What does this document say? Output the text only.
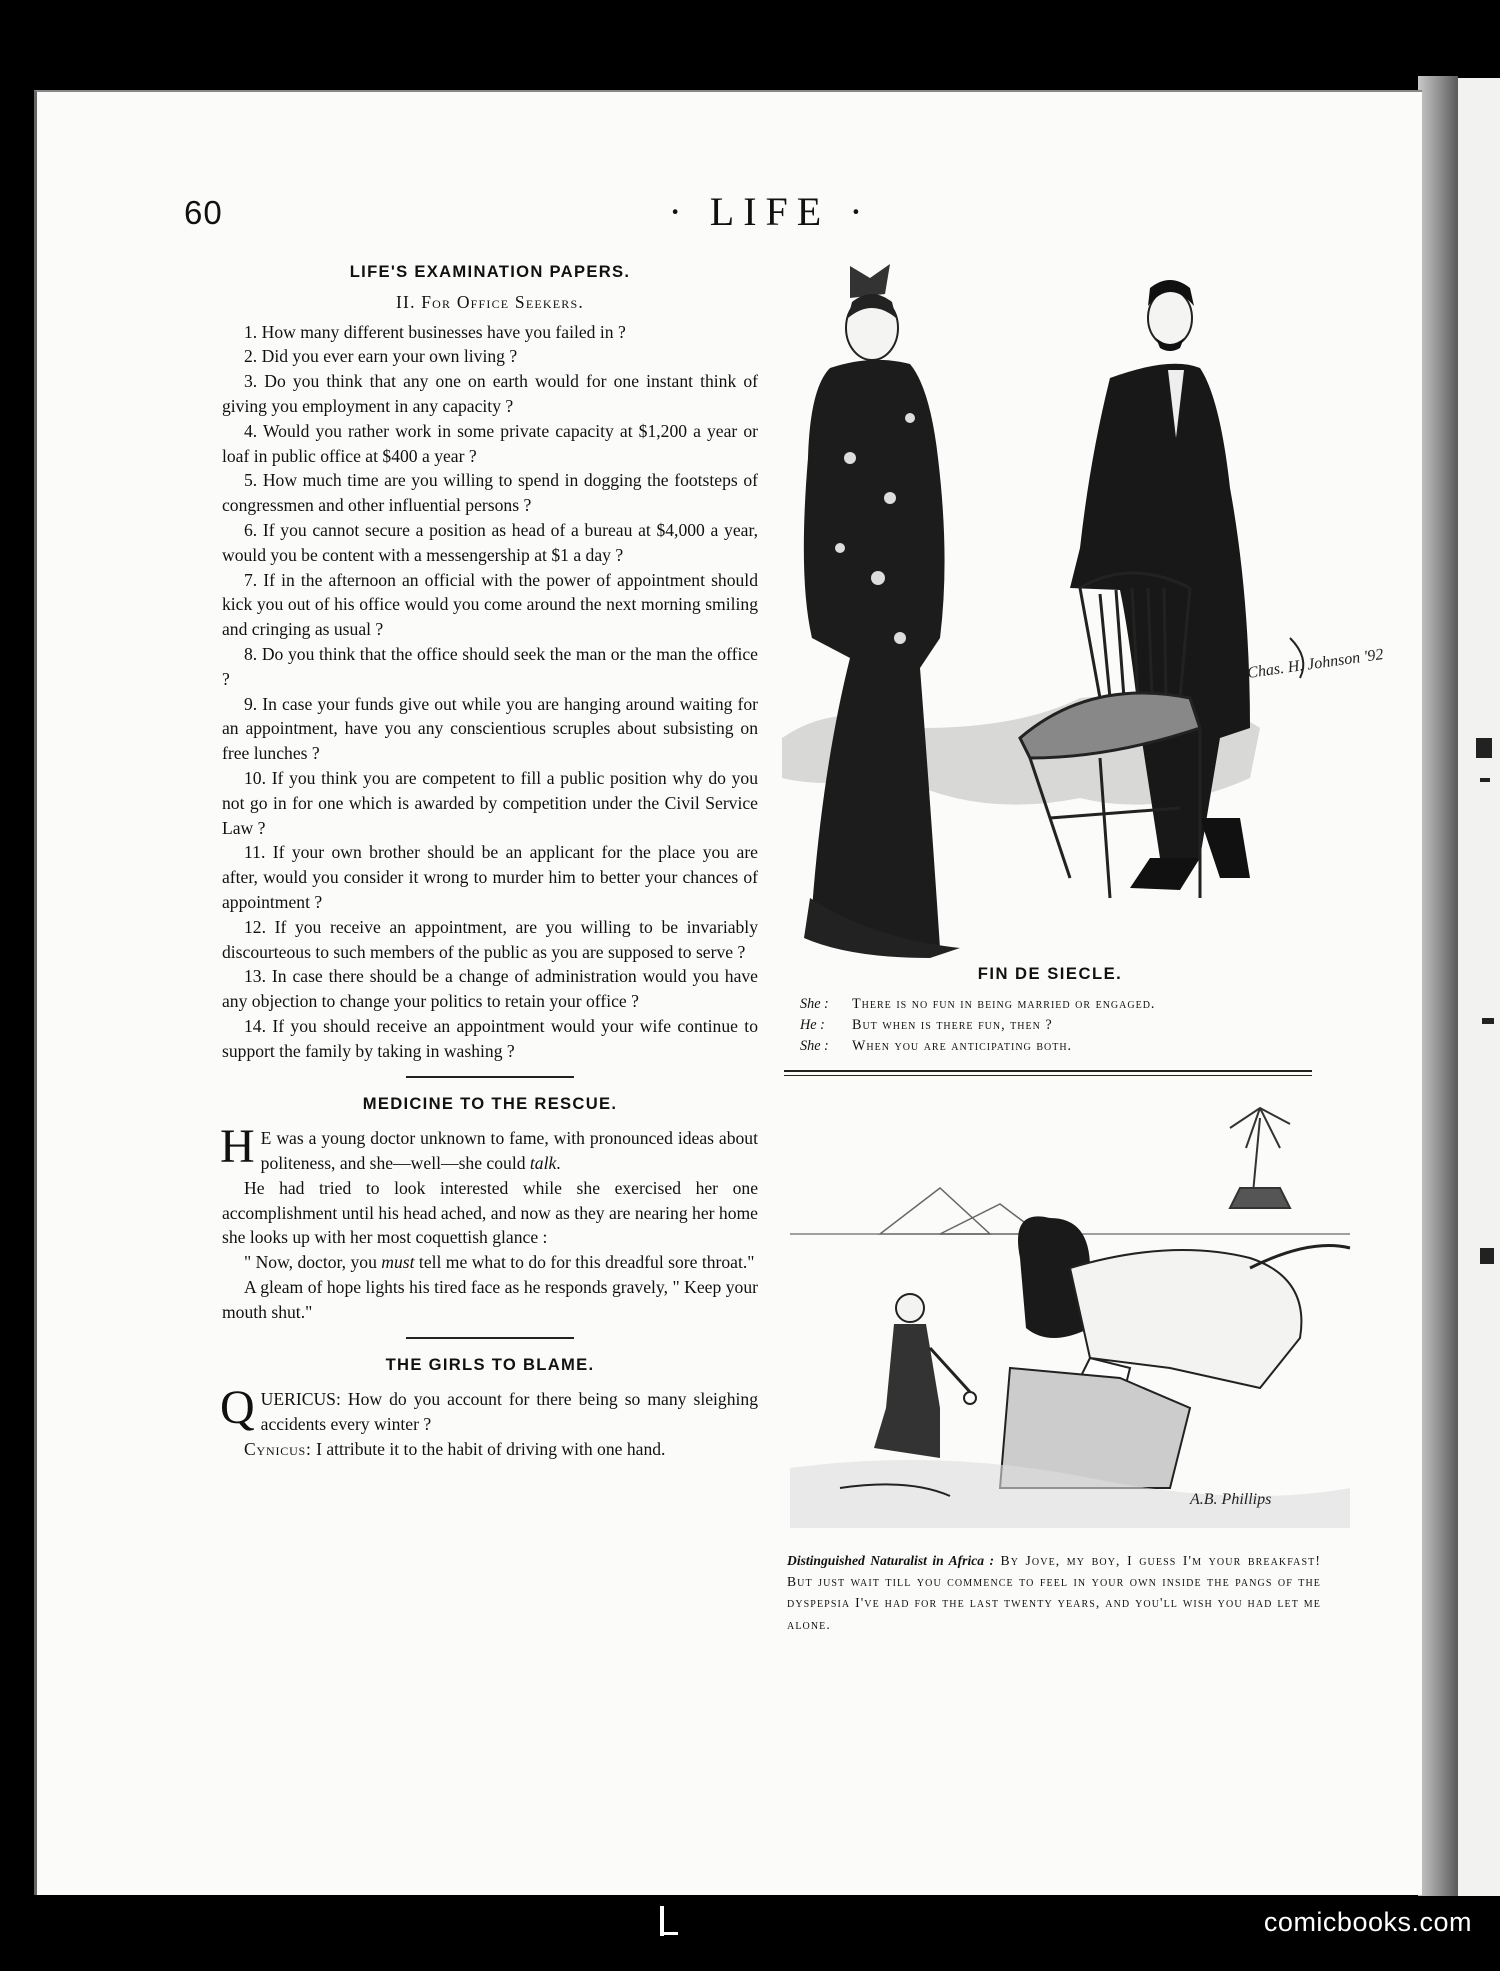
60	· LIFE ·

LIFE'S EXAMINATION PAPERS.

II. For Office Seekers.

1. How many different businesses have you failed in ?

2. Did you ever earn your own living ?

3. Do you think that any one on earth would for one instant think of giving you employment in any capacity ?

4. Would you rather work in some private capacity at $1,200 a year or loaf in public office at $400 a year ?

5. How much time are you willing to spend in dogging the footsteps of congressmen and other influential persons ?

6. If you cannot secure a position as head of a bureau at $4,000 a year, would you be content with a messengership at $1 a day ?

7. If in the afternoon an official with the power of appointment should kick you out of his office would you come around the next morning smiling and cringing as usual ?

8. Do you think that the office should seek the man or the man the office ?

9. In case your funds give out while you are hanging around waiting for an appointment, have you any conscientious scruples about subsisting on free lunches ?

10. If you think you are competent to fill a public position why do you not go in for one which is awarded by competition under the Civil Service Law ?

11. If your own brother should be an applicant for the place you are after, would you consider it wrong to murder him to better your chances of appointment ?

12. If you receive an appointment, are you willing to be invariably discourteous to such members of the public as you are supposed to serve ?

13. In case there should be a change of administration would you have any objection to change your politics to retain your office ?

14. If you should receive an appointment would your wife continue to support the family by taking in washing ?

MEDICINE TO THE RESCUE.

H E was a young doctor unknown to fame, with pronounced ideas about politeness, and she—well—she could talk.

He had tried to look interested while she exercised her one accomplishment until his head ached, and now as they are nearing her home she looks up with her most coquettish glance :

" Now, doctor, you must tell me what to do for this dreadful sore throat."

A gleam of hope lights his tired face as he responds gravely, " Keep your mouth shut."

THE GIRLS TO BLAME.

QUERICUS: How do you account for there being so many sleighing accidents every winter ?

Cynicus: I attribute it to the habit of driving with one hand.

Chas. H. Johnson '92
FIN DE SIECLE.
She :	There is no fun in being married or engaged.
He :	But when is there fun, then ?
She :	When you are anticipating both.
A.B. Phillips
Distinguished Naturalist in Africa : By Jove, my boy, I guess I'm your breakfast! But just wait till you commence to feel in your own inside the pangs of the dyspepsia I've had for the last twenty years, and you'll wish you had let me alone.
comicbooks.com
